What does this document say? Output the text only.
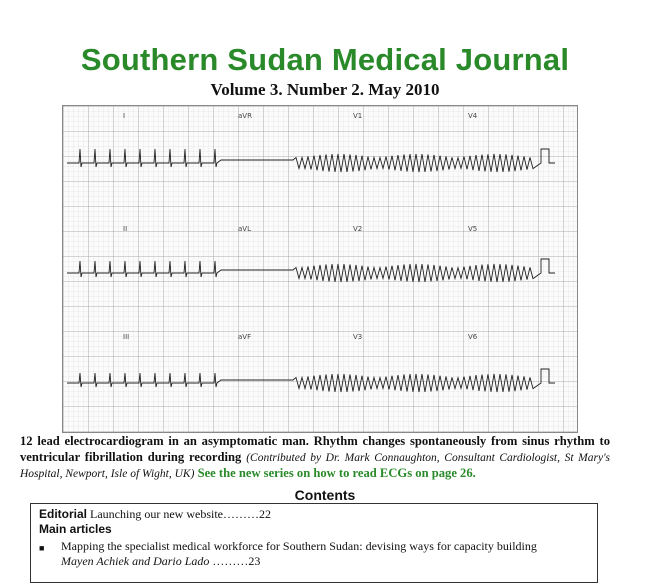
Southern Sudan Medical Journal
Volume 3. Number 2. May 2010
I	aVR	V1	V4
II	aVL	V2	V5
III	aVF	V3	V6
12 lead electrocardiogram in an asymptomatic man. Rhythm changes spontaneously from sinus rhythm to ventricular fibrillation during recording (Contributed by Dr. Mark Connaughton, Consultant Cardiologist, St Mary's Hospital, Newport, Isle of Wight, UK) See the new series on how to read ECGs on page 26.
Contents
Editorial Launching our new website………22
Main articles
■	Mapping the specialist medical workforce for Southern Sudan: devising ways for capacity building
Mayen Achiek and Dario Lado ………23
